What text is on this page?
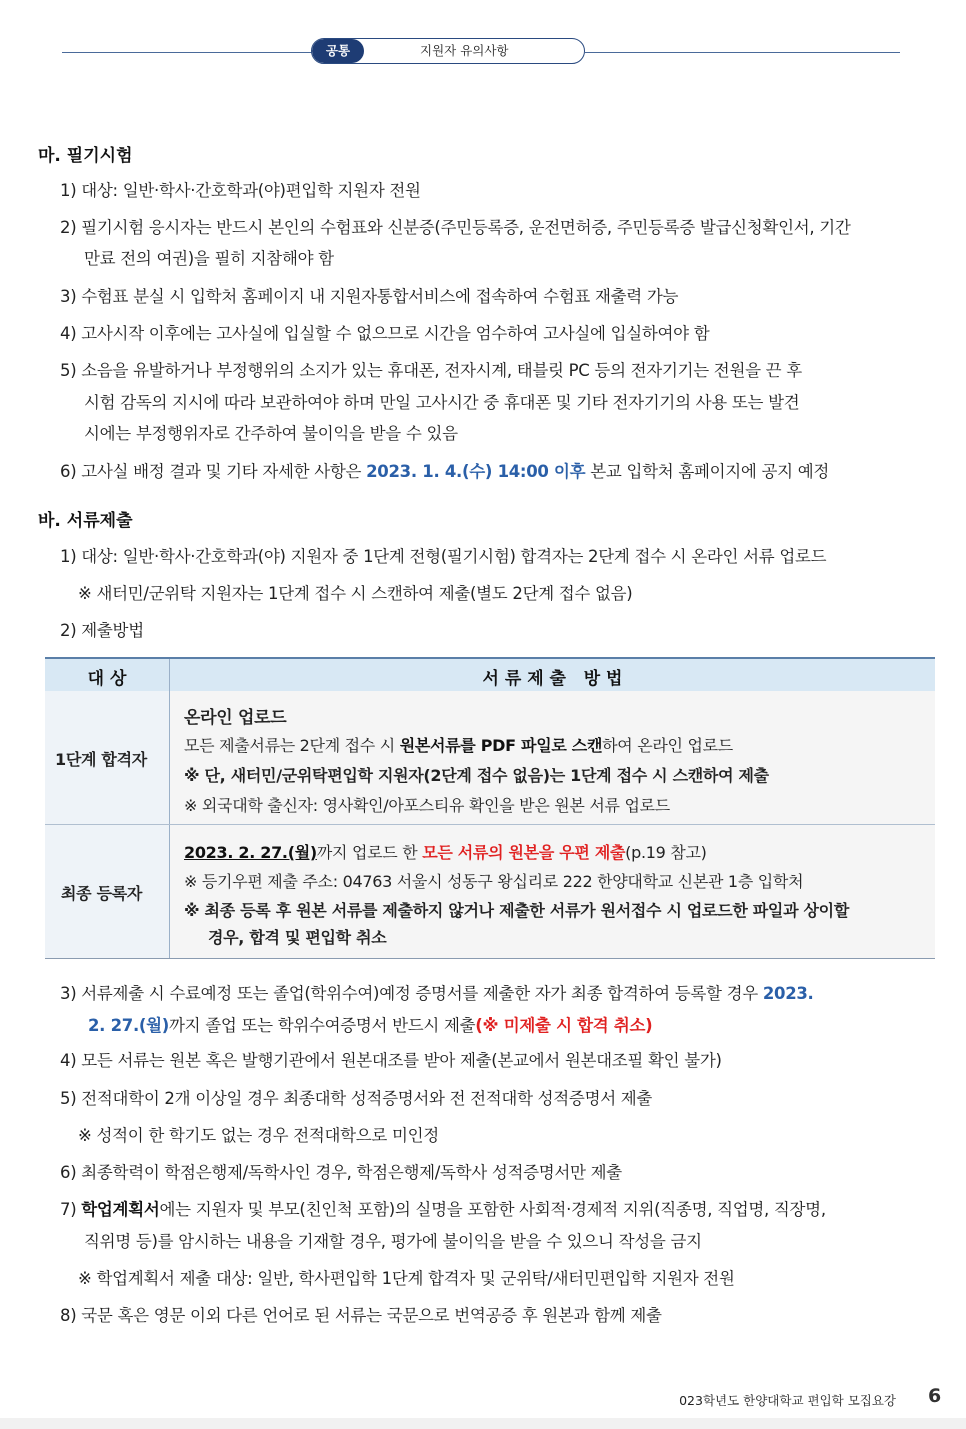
공통	지원자 유의사항
마. 필기시험
1) 대상: 일반·학사·간호학과(야)편입학 지원자 전원
2) 필기시험 응시자는 반드시 본인의 수험표와 신분증(주민등록증, 운전면허증, 주민등록증 발급신청확인서, 기간
만료 전의 여권)을 필히 지참해야 함
3) 수험표 분실 시 입학처 홈페이지 내 지원자통합서비스에 접속하여 수험표 재출력 가능
4) 고사시작 이후에는 고사실에 입실할 수 없으므로 시간을 엄수하여 고사실에 입실하여야 함
5) 소음을 유발하거나 부정행위의 소지가 있는 휴대폰, 전자시계, 태블릿 PC 등의 전자기기는 전원을 끈 후
시험 감독의 지시에 따라 보관하여야 하며 만일 고사시간 중 휴대폰 및 기타 전자기기의 사용 또는 발견
시에는 부정행위자로 간주하여 불이익을 받을 수 있음
6) 고사실 배정 결과 및 기타 자세한 사항은 2023. 1. 4.(수) 14:00 이후 본교 입학처 홈페이지에 공지 예정
바. 서류제출
1) 대상: 일반·학사·간호학과(야) 지원자 중 1단계 전형(필기시험) 합격자는 2단계 접수 시 온라인 서류 업로드
※ 새터민/군위탁 지원자는 1단계 접수 시 스캔하여 제출(별도 2단계 접수 없음)
2) 제출방법
대 상	서 류 제 출   방 법
1단계 합격자
온라인 업로드
모든 제출서류는 2단계 접수 시 원본서류를 PDF 파일로 스캔하여 온라인 업로드
※ 단, 새터민/군위탁편입학 지원자(2단계 접수 없음)는 1단계 접수 시 스캔하여 제출
※ 외국대학 출신자: 영사확인/아포스티유 확인을 받은 원본 서류 업로드
최종 등록자
2023. 2. 27.(월)까지 업로드 한 모든 서류의 원본을 우편 제출(p.19 참고)
※ 등기우편 제출 주소: 04763 서울시 성동구 왕십리로 222 한양대학교 신본관 1층 입학처
※ 최종 등록 후 원본 서류를 제출하지 않거나 제출한 서류가 원서접수 시 업로드한 파일과 상이할
경우, 합격 및 편입학 취소
3) 서류제출 시 수료예정 또는 졸업(학위수여)예정 증명서를 제출한 자가 최종 합격하여 등록할 경우 2023.
2. 27.(월)까지 졸업 또는 학위수여증명서 반드시 제출(※ 미제출 시 합격 취소)
4) 모든 서류는 원본 혹은 발행기관에서 원본대조를 받아 제출(본교에서 원본대조필 확인 불가)
5) 전적대학이 2개 이상일 경우 최종대학 성적증명서와 전 전적대학 성적증명서 제출
※ 성적이 한 학기도 없는 경우 전적대학으로 미인정
6) 최종학력이 학점은행제/독학사인 경우, 학점은행제/독학사 성적증명서만 제출
7) 학업계획서에는 지원자 및 부모(친인척 포함)의 실명을 포함한 사회적·경제적 지위(직종명, 직업명, 직장명,
직위명 등)를 암시하는 내용을 기재할 경우, 평가에 불이익을 받을 수 있으니 작성을 금지
※ 학업계획서 제출 대상: 일반, 학사편입학 1단계 합격자 및 군위탁/새터민편입학 지원자 전원
8) 국문 혹은 영문 이외 다른 언어로 된 서류는 국문으로 번역공증 후 원본과 함께 제출
023학년도 한양대학교 편입학 모집요강 6
